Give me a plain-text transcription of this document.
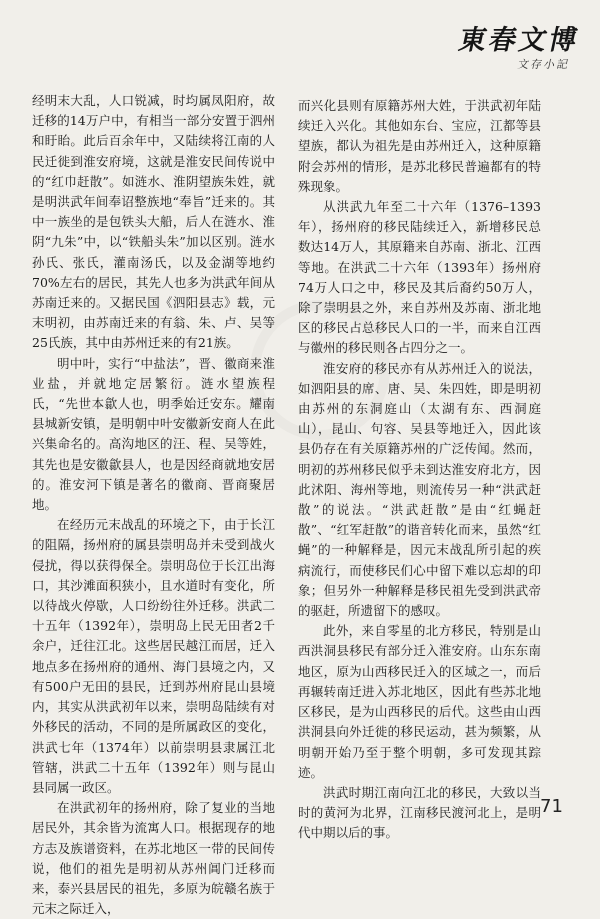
東春文博
文存小記

经明末大乱，人口锐减，时均属凤阳府，故迁移的14万户中，有相当一部分安置于泗州和盱眙。此后百余年中，又陆续将江南的人民迁徙到淮安府境，这就是淮安民间传说中的“红巾赶散”。如涟水、淮阴望族朱姓，就是明洪武年间奉诏整族地“奉旨”迁来的。其中一族坐的是包铁头大船，后人在涟水、淮阴“九朱”中，以“铁船头朱”加以区别。涟水孙氏、张氏，灌南汤氏，以及金湖等地约70%左右的居民，其先人也多为洪武年间从苏南迁来的。又据民国《泗阳县志》载，元末明初，由苏南迁来的有翁、朱、卢、吴等25氏族，其中由苏州迁来的有21族。

明中叶，实行“中盐法”，晋、徽商来淮业盐，并就地定居繁衍。涟水望族程氏，“先世本歙人也，明季始迁安东。耀南县城新安镇，是明朝中叶安徽新安商人在此兴集命名的。高沟地区的汪、程、吴等姓，其先也是安徽歙县人，也是因经商就地安居的。淮安河下镇是著名的徽商、晋商聚居地。

在经历元末战乱的环境之下，由于长江的阻隔，扬州府的属县崇明岛并未受到战火侵扰，得以获得保全。崇明岛位于长江出海口，其沙滩面积狭小，且水道时有变化，所以待战火停歇，人口纷纷往外迁移。洪武二十五年（1392年），崇明岛上民无田者2千余户，迁往江北。这些居民越江而居，迁入地点多在扬州府的通州、海门县境之内，又有500户无田的县民，迁到苏州府昆山县境内，其实从洪武初年以来，崇明岛陆续有对外移民的活动，不同的是所属政区的变化，洪武七年（1374年）以前崇明县隶属江北管辖，洪武二十五年（1392年）则与昆山县同属一政区。

在洪武初年的扬州府，除了复业的当地居民外，其余皆为流寓人口。根据现存的地方志及族谱资料，在苏北地区一带的民间传说，他们的祖先是明初从苏州阊门迁移而来，泰兴县居民的祖先，多原为皖赣名族于元末之际迁入，

而兴化县则有原籍苏州大姓，于洪武初年陆续迁入兴化。其他如东台、宝应，江都等县望族，都认为祖先是由苏州迁入，这种原籍附会苏州的情形，是苏北移民普遍都有的特殊现象。

从洪武九年至二十六年（1376–1393年），扬州府的移民陆续迁入，新增移民总数达14万人，其原籍来自苏南、浙北、江西等地。在洪武二十六年（1393年）扬州府74万人口之中，移民及其后裔约50万人，除了崇明县之外，来自苏州及苏南、浙北地区的移民占总移民人口的一半，而来自江西与徽州的移民则各占四分之一。

淮安府的移民亦有从苏州迁入的说法，如泗阳县的席、唐、吴、朱四姓，即是明初由苏州的东洞庭山（太湖有东、西洞庭山），昆山、句容、吴县等地迁入，因此该县仍存在有关原籍苏州的广泛传闻。然而，明初的苏州移民似乎未到达淮安府北方，因此沭阳、海州等地，则流传另一种“洪武赶散”的说法。“洪武赶散”是由“红蝇赶散”、“红军赶散”的谐音转化而来，虽然“红蝇”的一种解释是，因元末战乱所引起的疾病流行，而使移民们心中留下难以忘却的印象；但另外一种解释是移民祖先受到洪武帝的驱赶，所遗留下的感叹。

此外，来自零星的北方移民，特别是山西洪洞县移民有部分迁入淮安府。山东东南地区，原为山西移民迁入的区域之一，而后再辗转南迁进入苏北地区，因此有些苏北地区移民，是为山西移民的后代。这些由山西洪洞县向外迁徙的移民运动，甚为频繁，从明朝开始乃至于整个明朝，多可发现其踪迹。

洪武时期江南向江北的移民，大致以当时的黄河为北界，江南移民渡河北上，是明代中期以后的事。

71
